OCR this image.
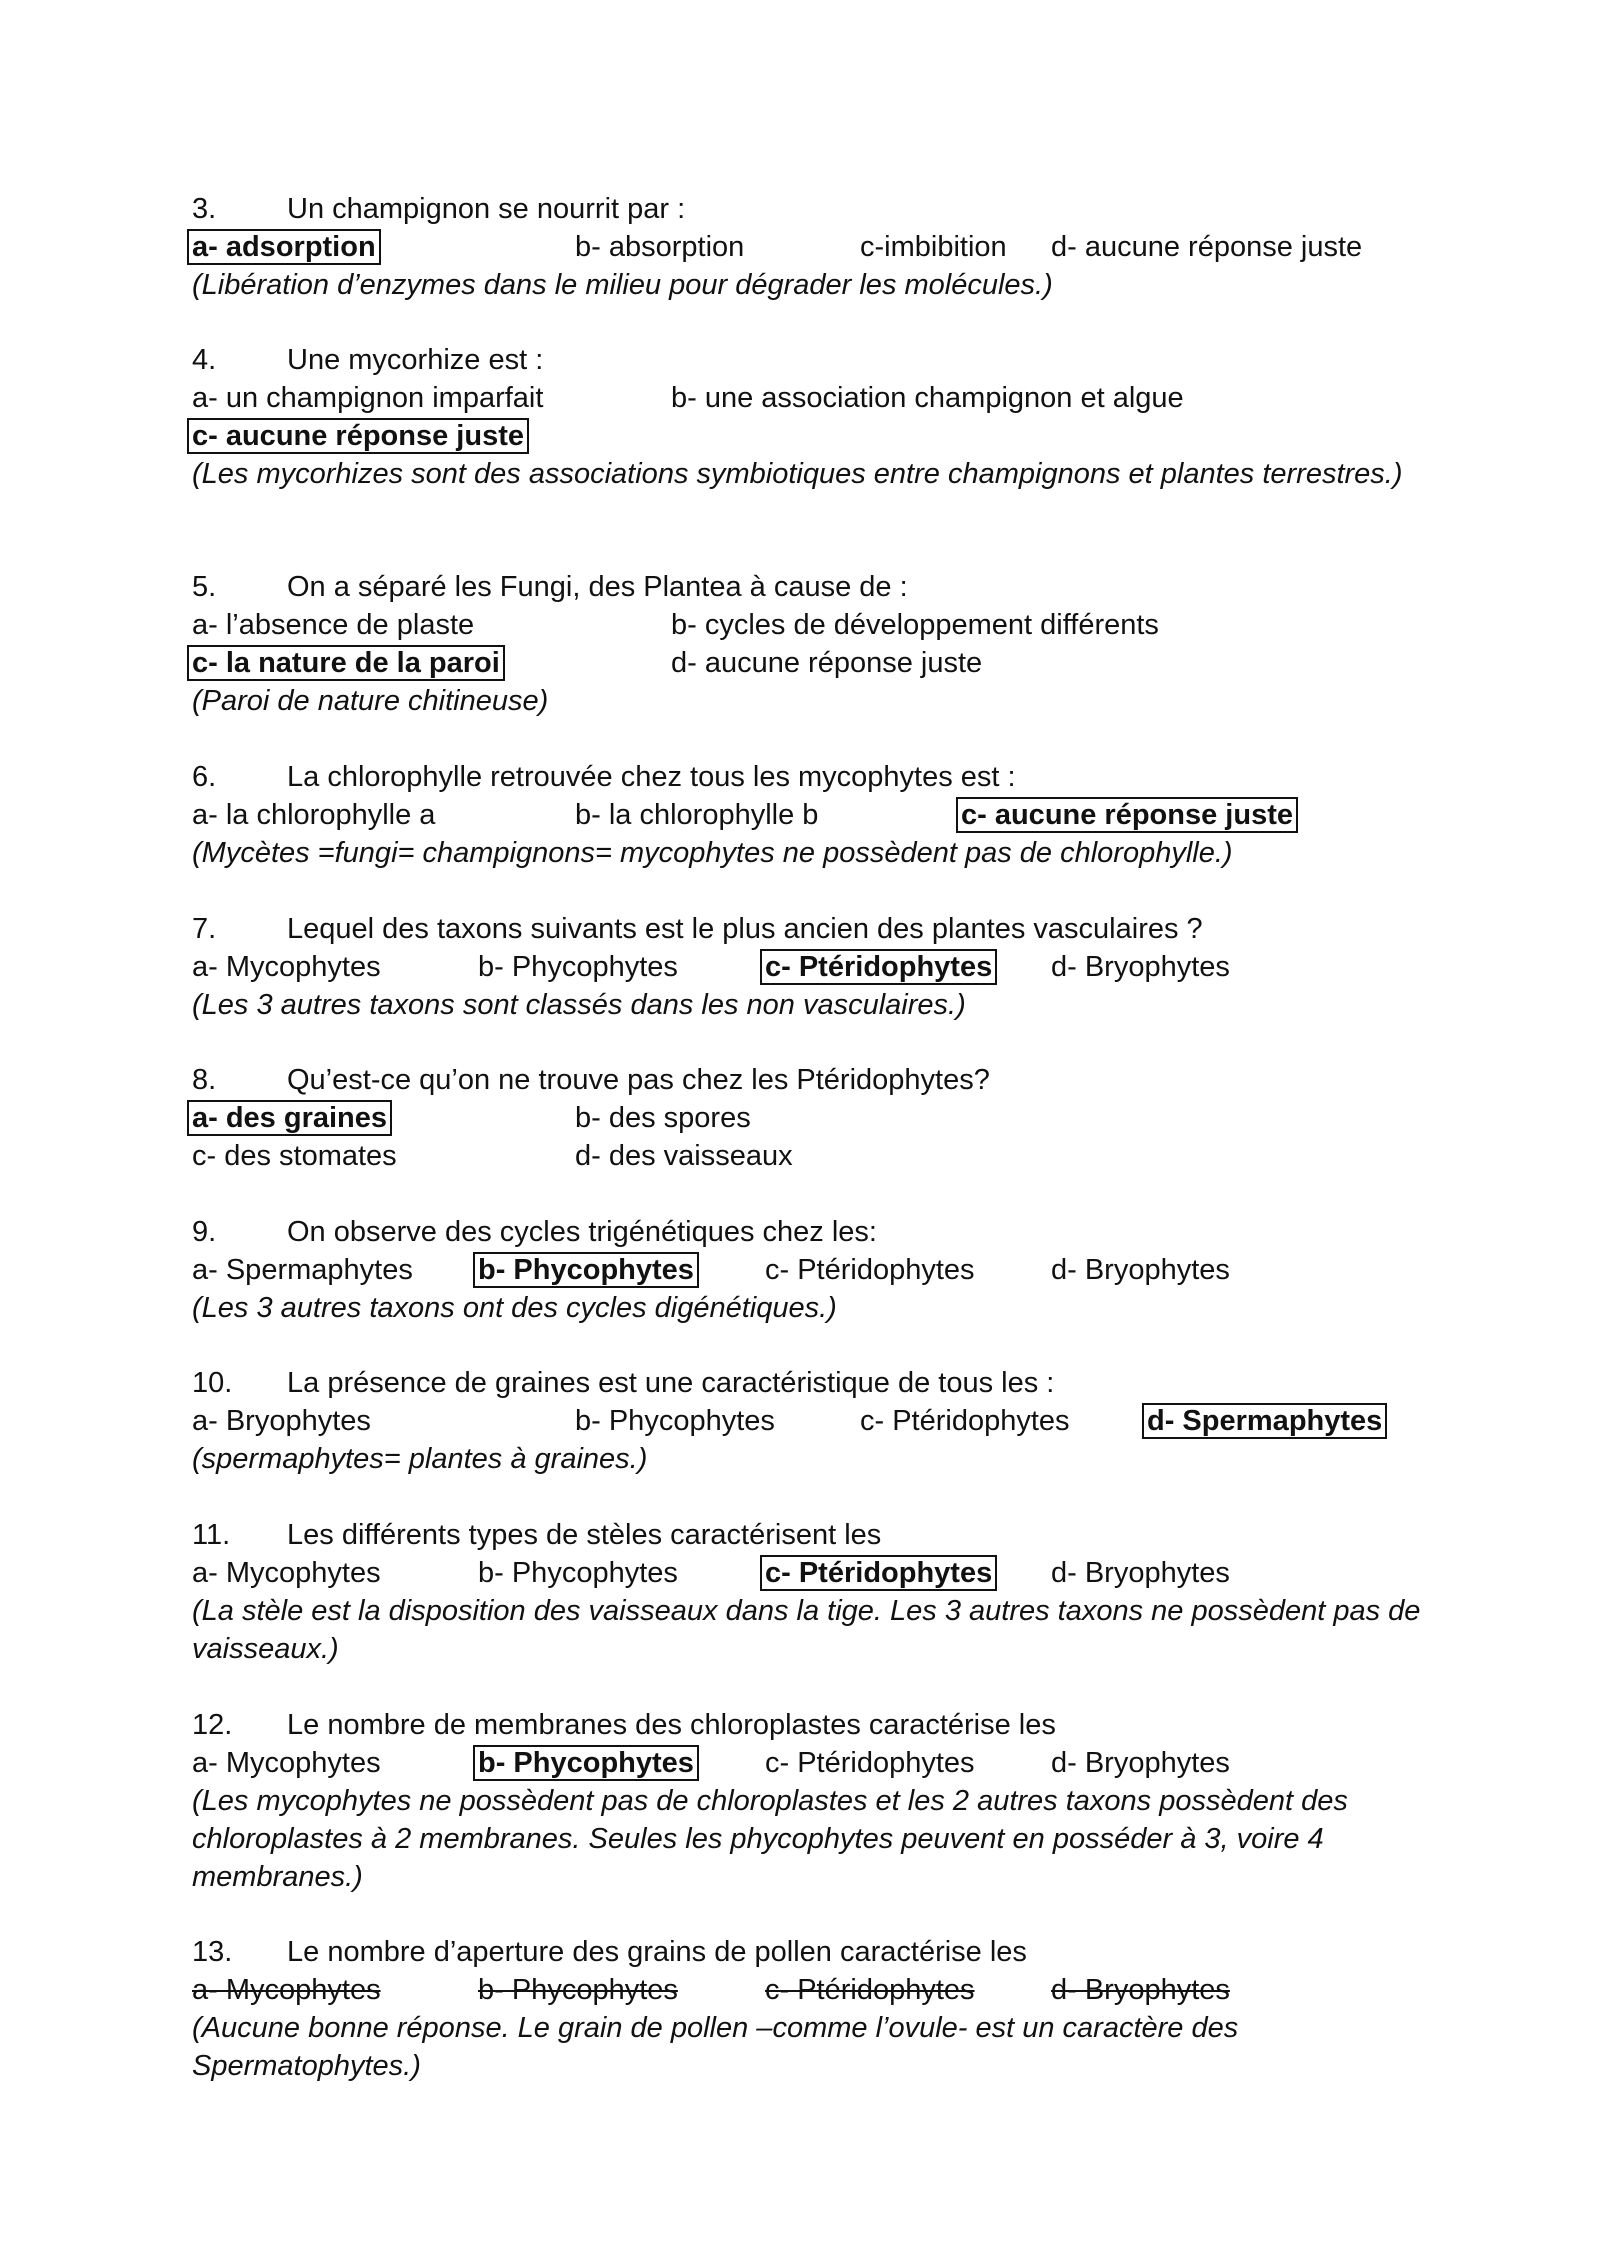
3. Un champignon se nourrit par :
a- adsorption	b- absorption	c-imbibition d- aucune réponse juste
(Libération d’enzymes dans le milieu pour dégrader les molécules.)
4. Une mycorhize est :
a- un champignon imparfait	b- une association champignon et algue
c- aucune réponse juste
(Les mycorhizes sont des associations symbiotiques entre champignons et plantes terrestres.)
5. On a séparé les Fungi, des Plantea à cause de :
a- l’absence de plaste	b- cycles de développement différents
c- la nature de la paroi	d- aucune réponse juste
(Paroi de nature chitineuse)
6. La chlorophylle retrouvée chez tous les mycophytes est :
a- la chlorophylle a	b- la chlorophylle b	c- aucune réponse juste
(Mycètes =fungi= champignons= mycophytes ne possèdent pas de chlorophylle.)
7. Lequel des taxons suivants est le plus ancien des plantes vasculaires ?
a- Mycophytes	b- Phycophytes	c- Ptéridophytes d- Bryophytes
(Les 3 autres taxons sont classés dans les non vasculaires.)
8. Qu’est-ce qu’on ne trouve pas chez les Ptéridophytes?
a- des graines	b- des spores
c- des stomates	d- des vaisseaux
9. On observe des cycles trigénétiques chez les:
a- Spermaphytes b- Phycophytes c- Ptéridophytes	d- Bryophytes
(Les 3 autres taxons ont des cycles digénétiques.)
10. La présence de graines est une caractéristique de tous les :
a- Bryophytes	b- Phycophytes	c- Ptéridophytes	d- Spermaphytes
(spermaphytes= plantes à graines.)
11. Les différents types de stèles caractérisent les
a- Mycophytes	b- Phycophytes	c- Ptéridophytes d- Bryophytes
(La stèle est la disposition des vaisseaux dans la tige. Les 3 autres taxons ne possèdent pas de vaisseaux.)
12. Le nombre de membranes des chloroplastes caractérise les
a- Mycophytes	b- Phycophytes c- Ptéridophytes	d- Bryophytes
(Les mycophytes ne possèdent pas de chloroplastes et les 2 autres taxons possèdent des chloroplastes à 2 membranes. Seules les phycophytes peuvent en posséder à 3, voire 4 membranes.)
13. Le nombre d’aperture des grains de pollen caractérise les
a- Mycophytes	b- Phycophytes	c- Ptéridophytes	d- Bryophytes
(Aucune bonne réponse. Le grain de pollen –comme l’ovule- est un caractère des Spermatophytes.)
